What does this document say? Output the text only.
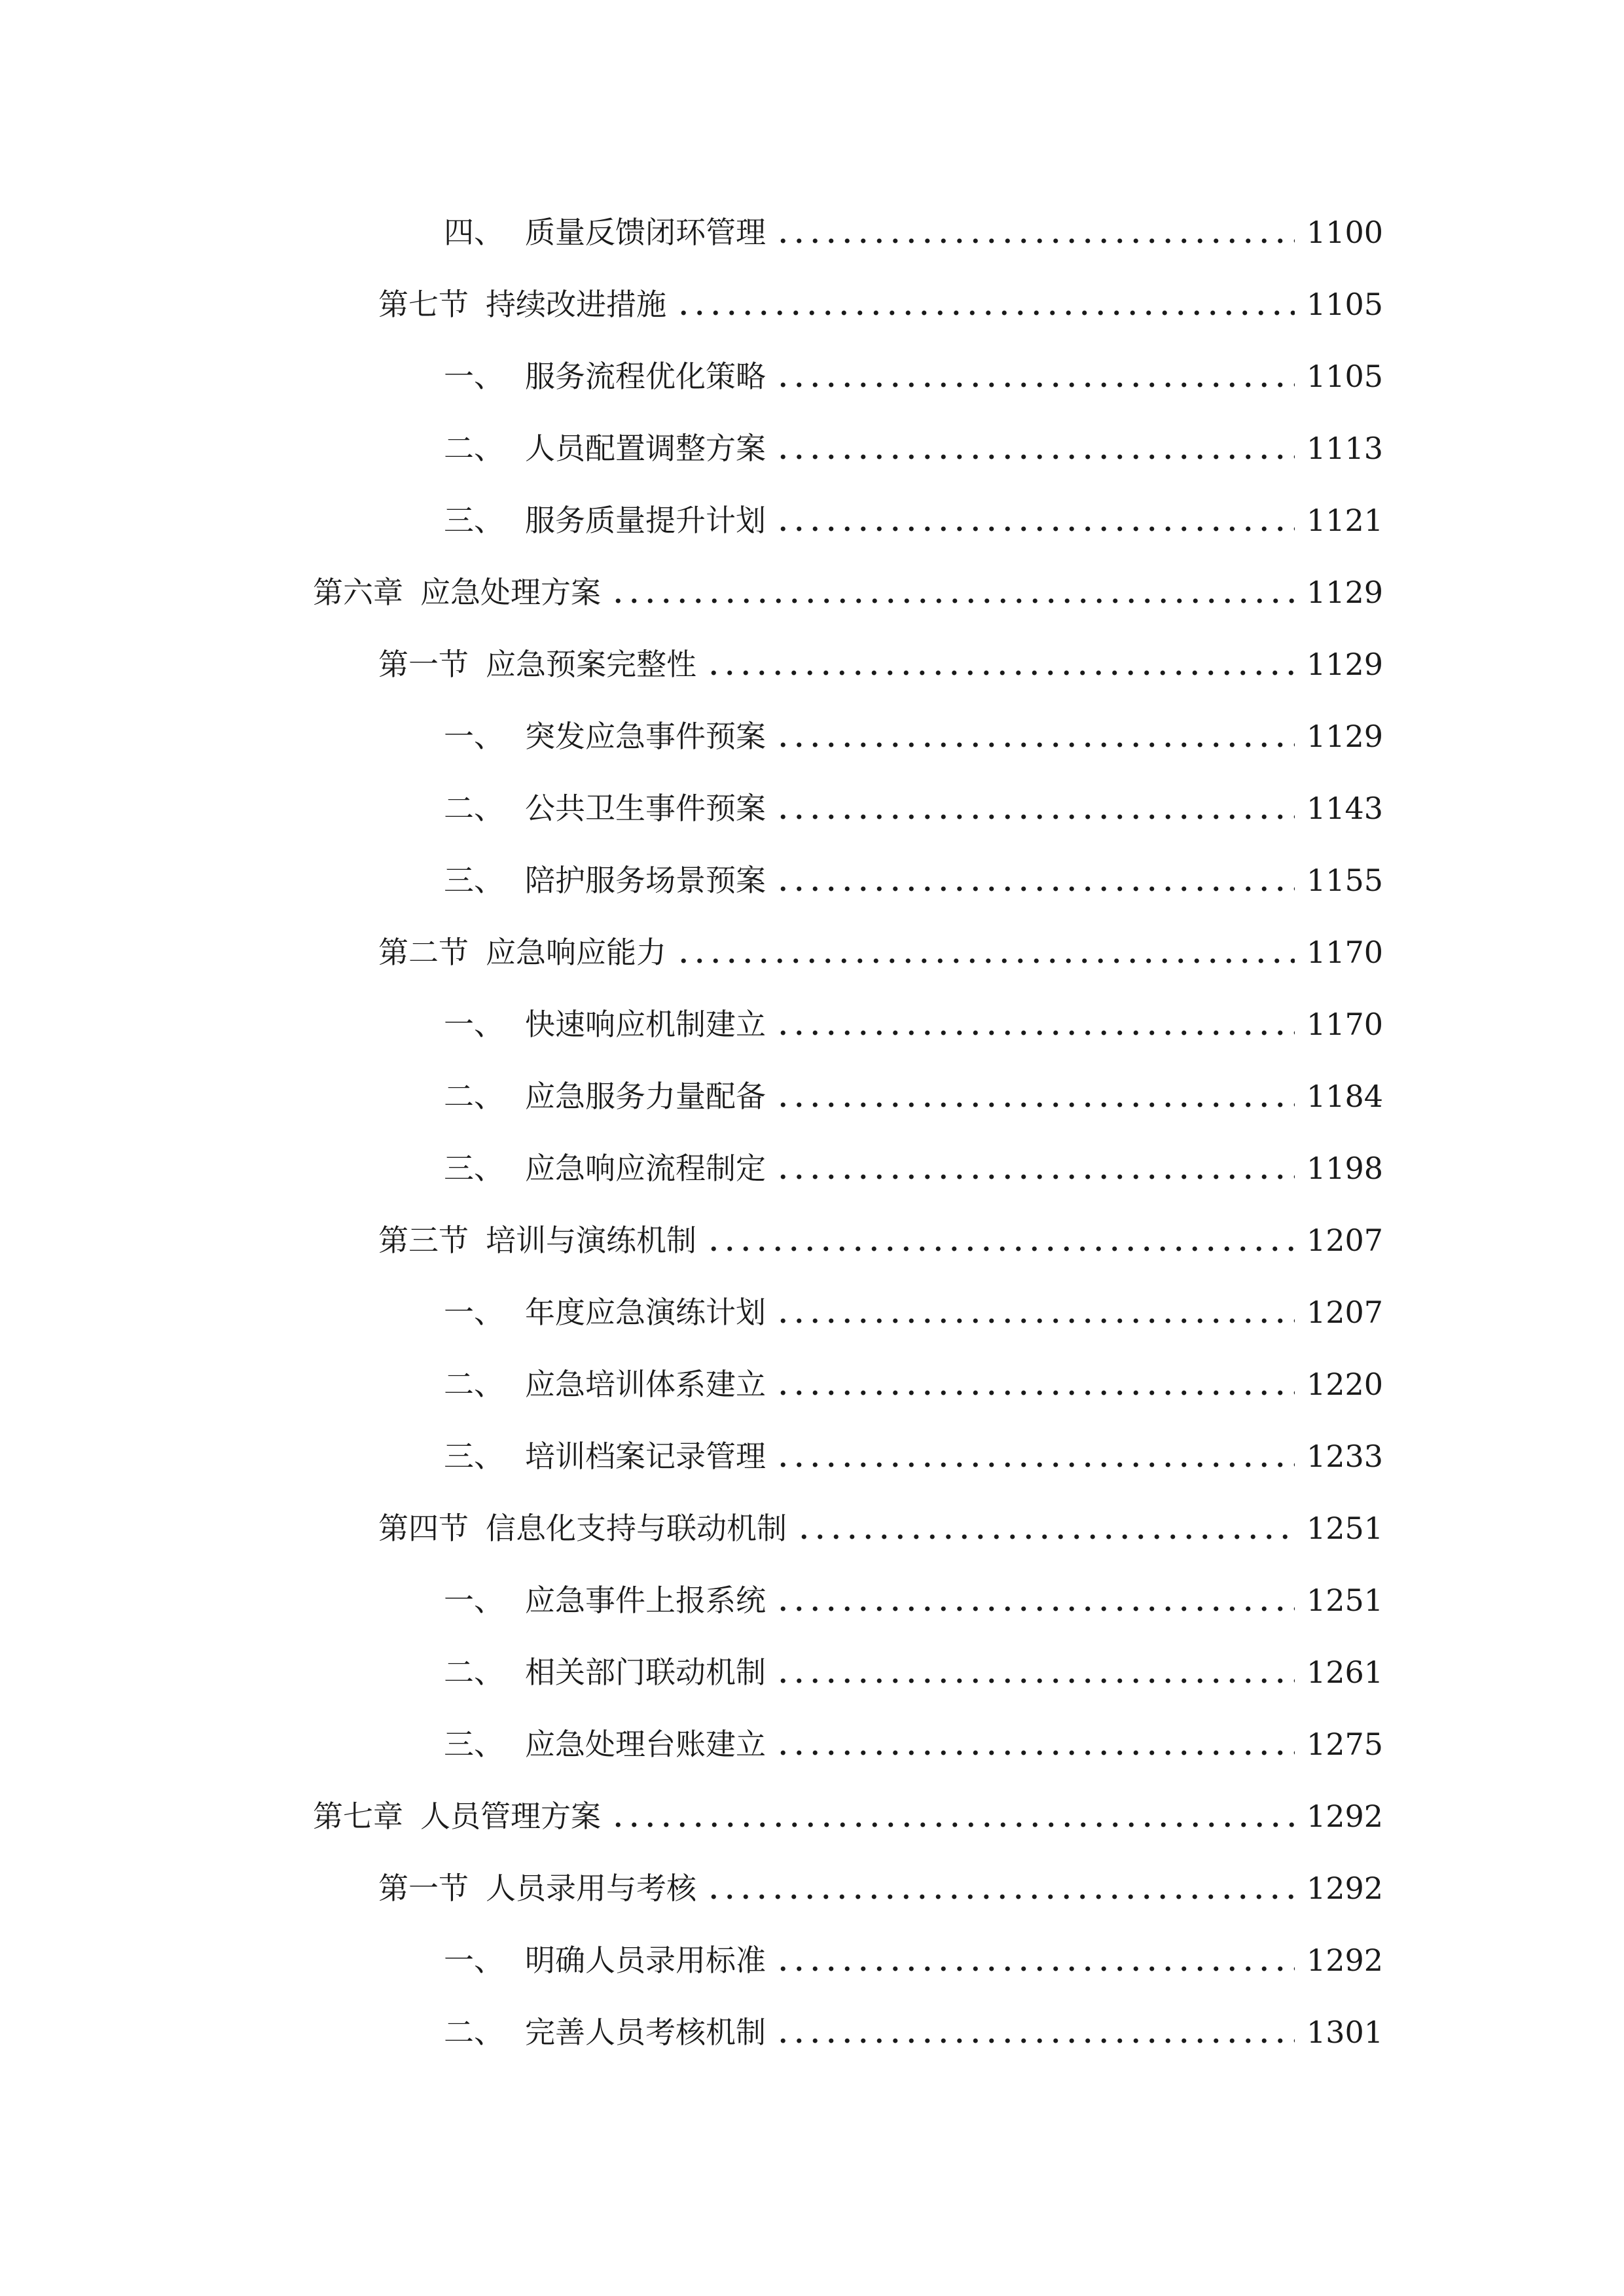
四、 质量反馈闭环管理	1100
第七节 持续改进措施	1105
一、 服务流程优化策略	1105
二、 人员配置调整方案	1113
三、 服务质量提升计划	1121
第六章 应急处理方案	1129
第一节 应急预案完整性	1129
一、 突发应急事件预案	1129
二、 公共卫生事件预案	1143
三、 陪护服务场景预案	1155
第二节 应急响应能力	1170
一、 快速响应机制建立	1170
二、 应急服务力量配备	1184
三、 应急响应流程制定	1198
第三节 培训与演练机制	1207
一、 年度应急演练计划	1207
二、 应急培训体系建立	1220
三、 培训档案记录管理	1233
第四节 信息化支持与联动机制	1251
一、 应急事件上报系统	1251
二、 相关部门联动机制	1261
三、 应急处理台账建立	1275
第七章 人员管理方案	1292
第一节 人员录用与考核	1292
一、 明确人员录用标准	1292
二、 完善人员考核机制	1301
